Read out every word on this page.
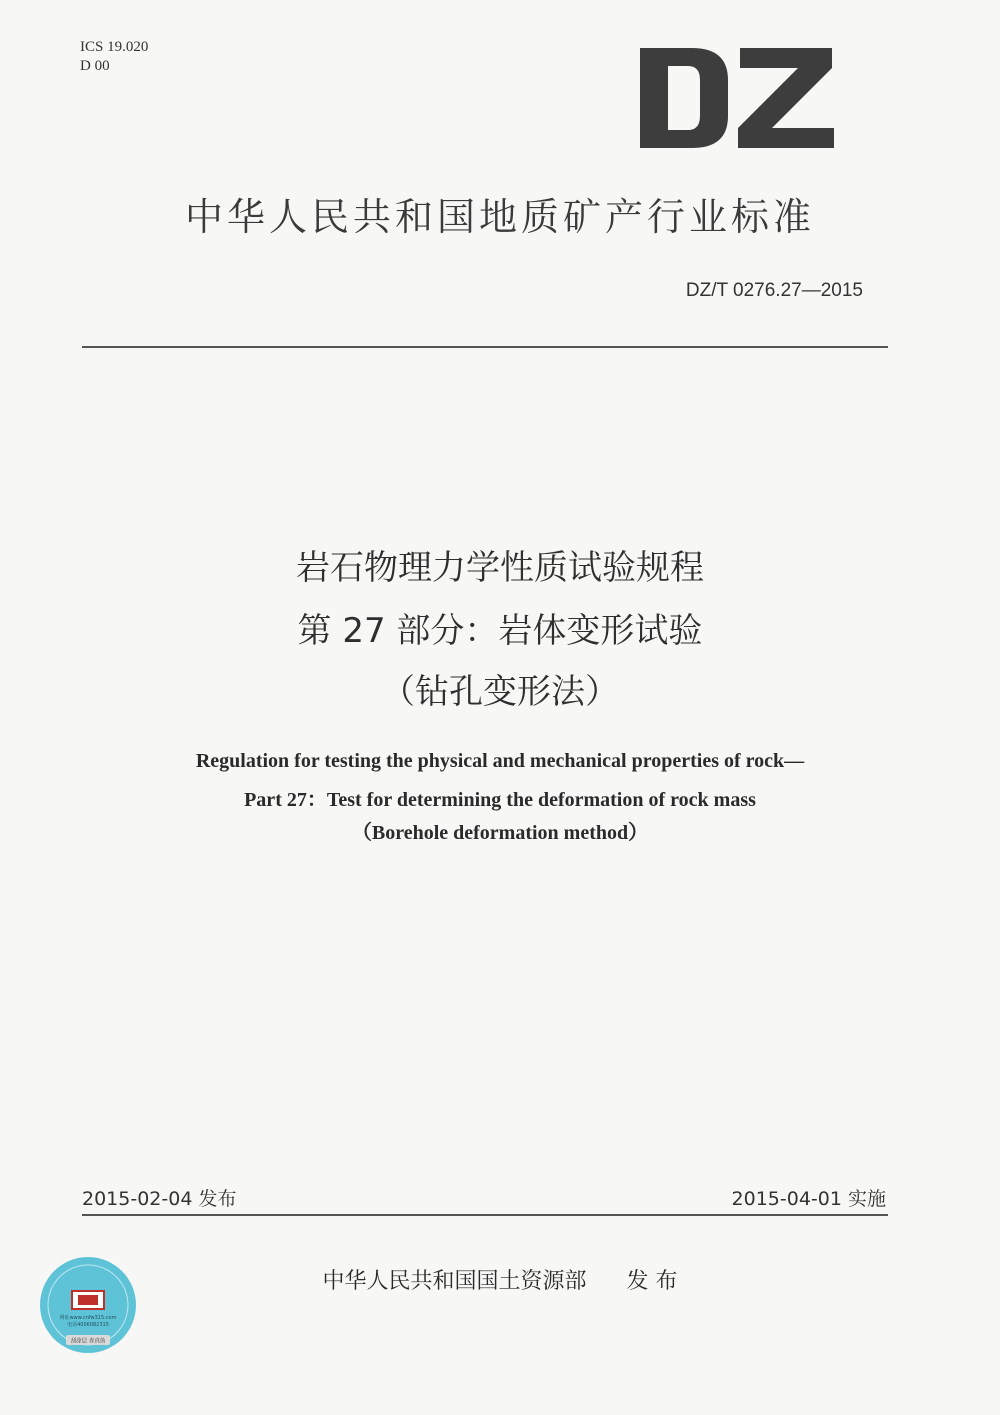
ICS 19.020
D 00
中华人民共和国地质矿产行业标准
DZ/T 0276.27—2015
岩石物理力学性质试验规程
第 27 部分：岩体变形试验
（钻孔变形法）
Regulation for testing the physical and mechanical properties of rock—
Part 27：Test for determining the deformation of rock mass
（Borehole deformation method）
2015-02-04 发布	2015-04-01 实施
中华人民共和国国土资源部 发 布
网址www.cnfw315.com
电话4006082315
刮涂层 查真伪
